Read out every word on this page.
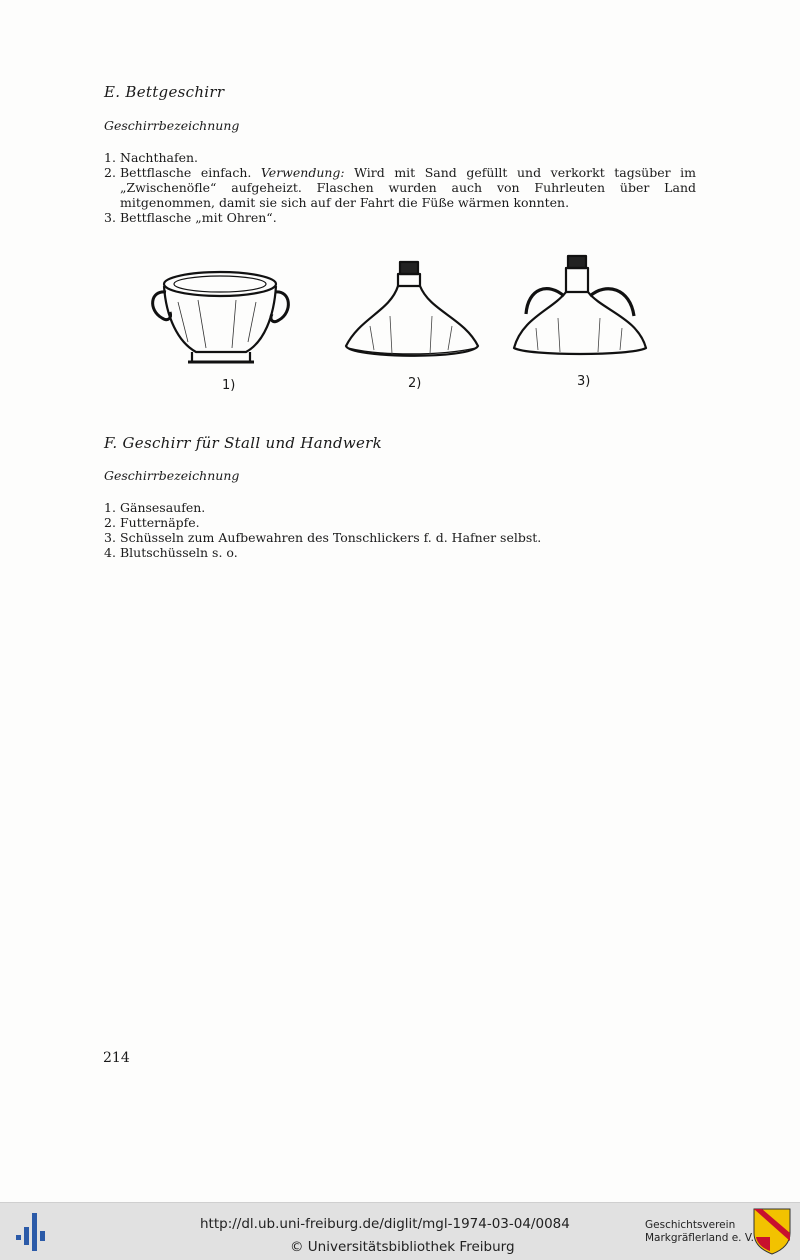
E. Bettgeschirr
Geschirrbezeichnung
1. Nachthafen.
2. Bettflasche einfach. Verwendung: Wird mit Sand gefüllt und verkorkt tagsüber im „Zwischenöfle“ aufgeheizt. Flaschen wurden auch von Fuhrleuten über Land mitgenommen, damit sie sich auf der Fahrt die Füße wärmen konnten.
3. Bettflasche „mit Ohren“.
1)	2)	3)
F. Geschirr für Stall und Handwerk
Geschirrbezeichnung
1. Gänsesaufen.
2. Futternäpfe.
3. Schüsseln zum Aufbewahren des Tonschlickers f. d. Hafner selbst.
4. Blutschüsseln s. o.
214
http://dl.ub.uni-freiburg.de/diglit/mgl-1974-03-04/0084
© Universitätsbibliothek Freiburg
Geschichtsverein
Markgräflerland e. V.
